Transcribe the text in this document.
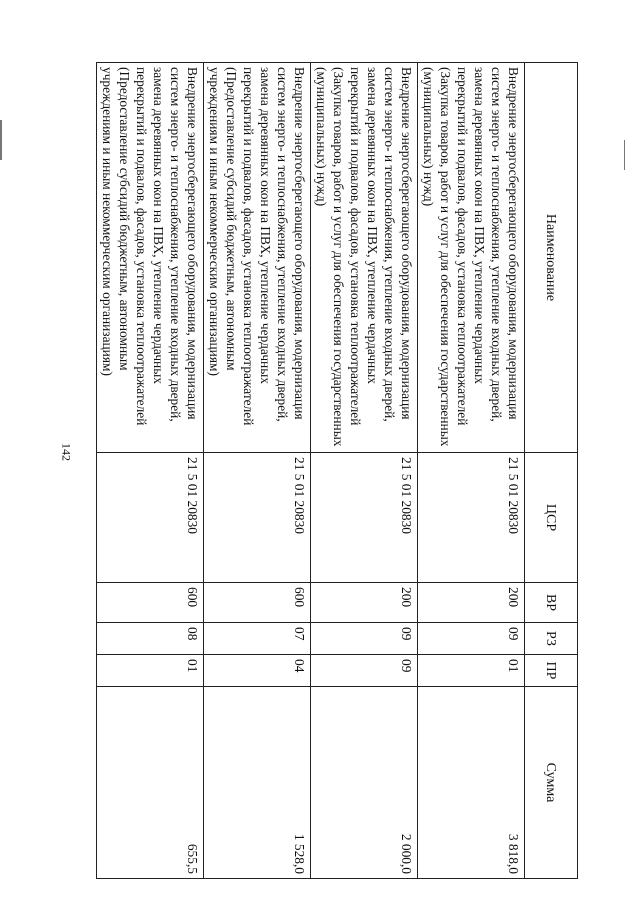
142
Наименование	ЦСР	ВР	РЗ	ПР	Сумма
Внедрение энергосберегающего оборудования, модернизация систем энерго- и теплоснабжения, утепление входных дверей, замена деревянных окон на ПВХ, утепление чердачных перекрытий и подвалов, фасадов, установка теплоотражателей (Закупка товаров, работ и услуг для обеспечения государственных (муниципальных) нужд)	21 5 01 20830	200	09	01	3 818,0
Внедрение энергосберегающего оборудования, модернизация систем энерго- и теплоснабжения, утепление входных дверей, замена деревянных окон на ПВХ, утепление чердачных перекрытий и подвалов, фасадов, установка теплоотражателей (Закупка товаров, работ и услуг для обеспечения государственных (муниципальных) нужд)	21 5 01 20830	200	09	09	2 000,0
Внедрение энергосберегающего оборудования, модернизация систем энерго- и теплоснабжения, утепление входных дверей, замена деревянных окон на ПВХ, утепление чердачных перекрытий и подвалов, фасадов, установка теплоотражателей (Предоставление субсидий бюджетным, автономным учреждениям и иным некоммерческим организациям)	21 5 01 20830	600	07	04	1 528,0
Внедрение энергосберегающего оборудования, модернизация систем энерго- и теплоснабжения, утепление входных дверей, замена деревянных окон на ПВХ, утепление чердачных перекрытий и подвалов, фасадов, установка теплоотражателей (Предоставление субсидий бюджетным, автономным учреждениям и иным некоммерческим организациям)	21 5 01 20830	600	08	01	655,5
